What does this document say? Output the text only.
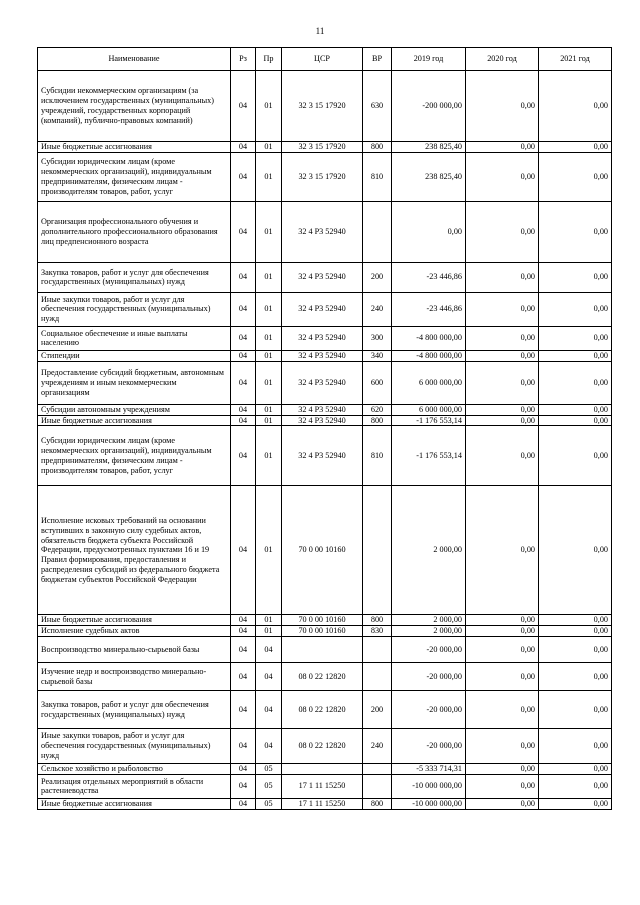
11
Наименование	Рз	Пр	ЦСР	ВР	2019 год	2020 год	2021 год
Субсидии некоммерческим организациям (за исключением государственных (муниципальных) учреждений, государственных корпораций (компаний), публично-правовых компаний)	04	01	32 3 15 17920	630	-200 000,00	0,00	0,00
Иные бюджетные ассигнования	04	01	32 3 15 17920	800	238 825,40	0,00	0,00
Субсидии юридическим лицам (кроме некоммерческих организаций), индивидуальным предпринимателям, физическим лицам - производителям товаров, работ, услуг	04	01	32 3 15 17920	810	238 825,40	0,00	0,00
Организация профессионального обучения и дополнительного профессионального образования лиц предпенсионного возраста	04	01	32 4 P3 52940		0,00	0,00	0,00
Закупка товаров, работ и услуг для обеспечения государственных (муниципальных) нужд	04	01	32 4 P3 52940	200	-23 446,86	0,00	0,00
Иные закупки товаров, работ и услуг для обеспечения государственных (муниципальных) нужд	04	01	32 4 P3 52940	240	-23 446,86	0,00	0,00
Социальное обеспечение и иные выплаты населению	04	01	32 4 P3 52940	300	-4 800 000,00	0,00	0,00
Стипендии	04	01	32 4 P3 52940	340	-4 800 000,00	0,00	0,00
Предоставление субсидий бюджетным, автономным учреждениям и иным некоммерческим организациям	04	01	32 4 P3 52940	600	6 000 000,00	0,00	0,00
Субсидии автономным учреждениям	04	01	32 4 P3 52940	620	6 000 000,00	0,00	0,00
Иные бюджетные ассигнования	04	01	32 4 P3 52940	800	-1 176 553,14	0,00	0,00
Субсидии юридическим лицам (кроме некоммерческих организаций), индивидуальным предпринимателям, физическим лицам - производителям товаров, работ, услуг	04	01	32 4 P3 52940	810	-1 176 553,14	0,00	0,00
Исполнение исковых требований на основании вступивших в законную силу судебных актов, обязательств бюджета субъекта Российской Федерации, предусмотренных пунктами 16 и 19 Правил формирования, предоставления и распределения субсидий из федерального бюджета бюджетам субъектов Российской Федерации	04	01	70 0 00 10160		2 000,00	0,00	0,00
Иные бюджетные ассигнования	04	01	70 0 00 10160	800	2 000,00	0,00	0,00
Исполнение судебных актов	04	01	70 0 00 10160	830	2 000,00	0,00	0,00
Воспроизводство минерально-сырьевой базы	04	04			-20 000,00	0,00	0,00
Изучение недр и воспроизводство минерально-сырьевой базы	04	04	08 0 22 12820		-20 000,00	0,00	0,00
Закупка товаров, работ и услуг для обеспечения государственных (муниципальных) нужд	04	04	08 0 22 12820	200	-20 000,00	0,00	0,00
Иные закупки товаров, работ и услуг для обеспечения государственных (муниципальных) нужд	04	04	08 0 22 12820	240	-20 000,00	0,00	0,00
Сельское хозяйство и рыболовство	04	05			-5 333 714,31	0,00	0,00
Реализация отдельных мероприятий в области растениеводства	04	05	17 1 11 15250		-10 000 000,00	0,00	0,00
Иные бюджетные ассигнования	04	05	17 1 11 15250	800	-10 000 000,00	0,00	0,00
